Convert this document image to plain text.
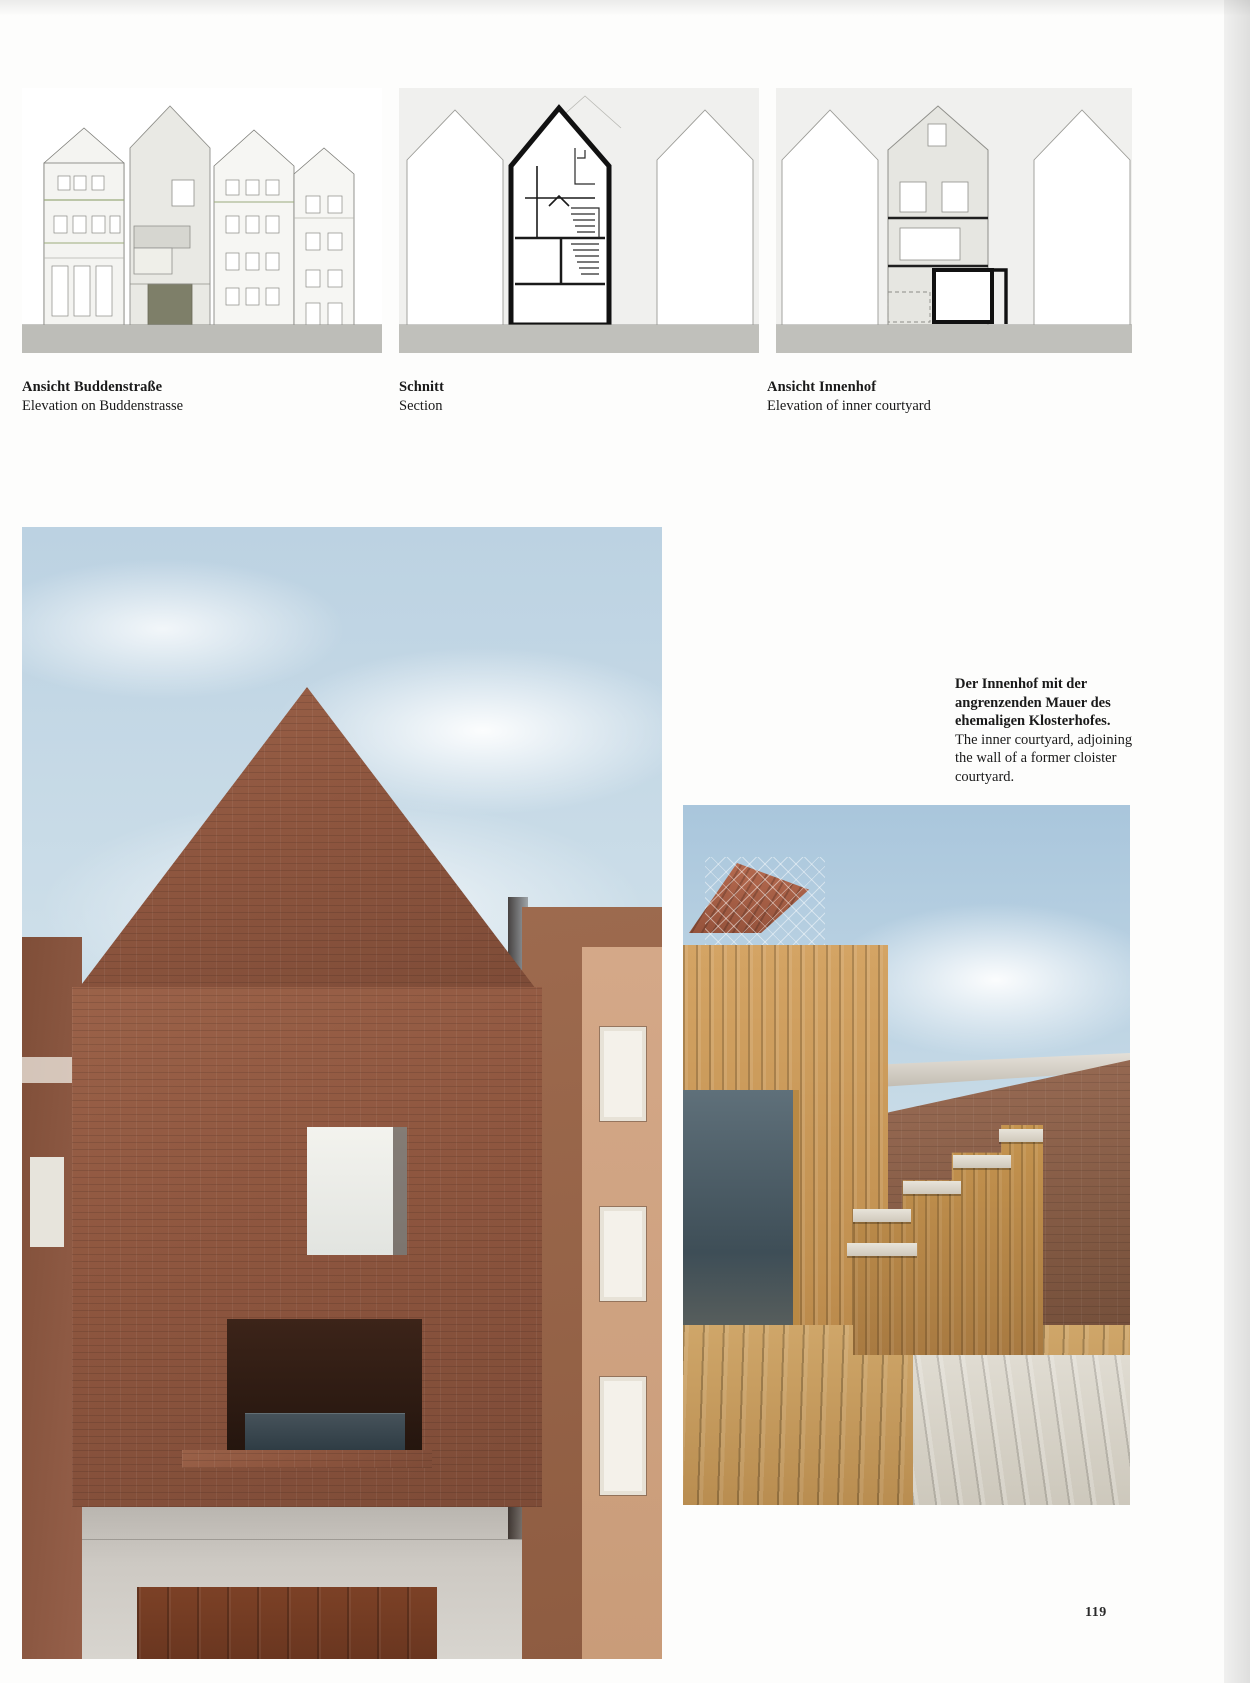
Ansicht Buddenstraße
Elevation on Buddenstrasse
Schnitt
Section
Ansicht Innenhof
Elevation of inner courtyard
Der Innenhof mit der angrenzenden Mauer des ehemaligen Klosterhofes.
The inner courtyard, adjoining the wall of a former cloister courtyard.
119
